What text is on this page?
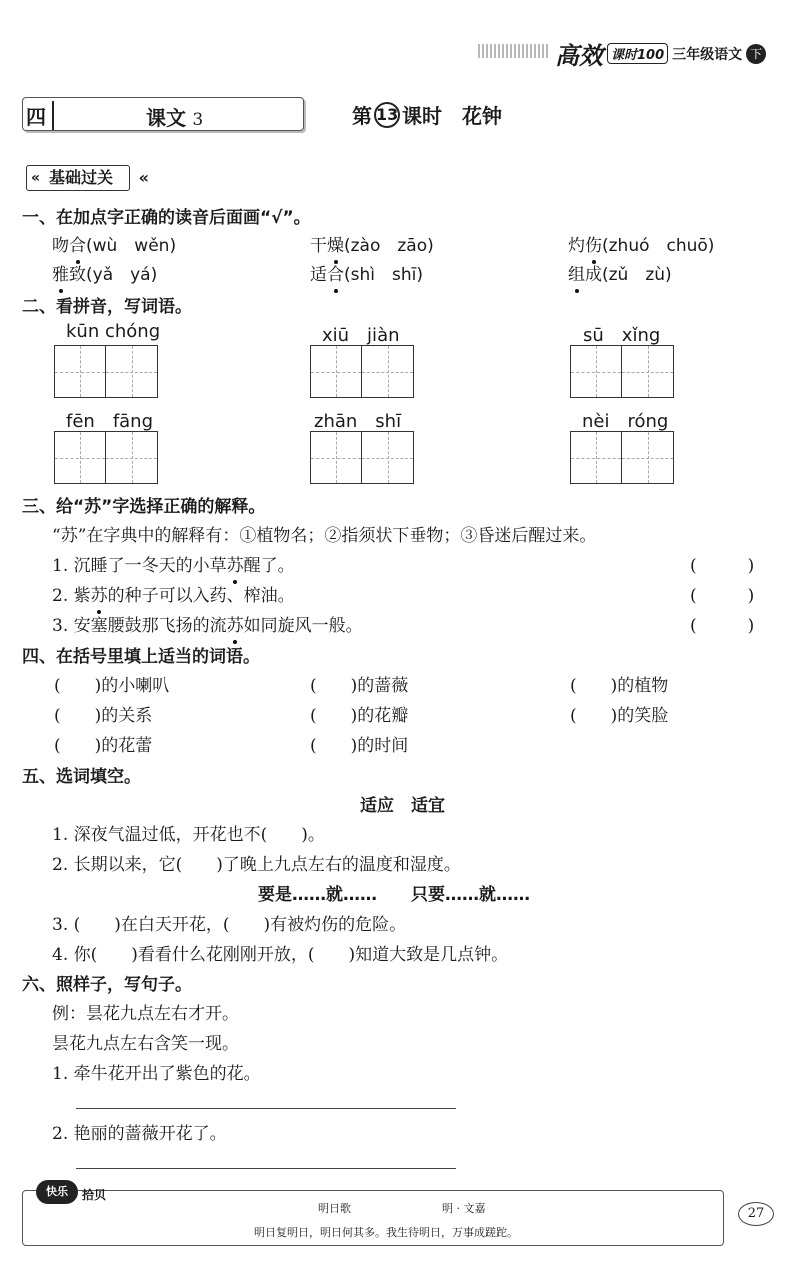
高效 课时100 三年级语文 下
四	课文 3	第 13 课时 花钟
« 基础过关 «
一、在加点字正确的读音后面画“√”。
吻合(wù　wěn)	干燥(zào　zāo)	灼伤(zhuó　chuō)
雅致(yǎ　yá)	适合(shì　shī)	组成(zǔ　zù)
二、看拼音，写词语。
kūn chóng	xiū　jiàn	sū　xǐng
fēn　fāng	zhān　shī	nèi　róng
三、给“苏”字选择正确的解释。
“苏”在字典中的解释有：①植物名；②指须状下垂物；③昏迷后醒过来。
1. 沉睡了一冬天的小草苏醒了。	(　　　)
2. 紫苏的种子可以入药、榨油。	(　　　)
3. 安塞腰鼓那飞扬的流苏如同旋风一般。	(　　　)
四、在括号里填上适当的词语。
(　　)的小喇叭	(　　)的蔷薇	(　　)的植物
(　　)的关系	(　　)的花瓣	(　　)的笑脸
(　　)的花蕾	(　　)的时间
五、选词填空。
适应　适宜
1. 深夜气温过低，开花也不(　　)。
2. 长期以来，它(　　)了晚上九点左右的温度和湿度。
要是……就……　　只要……就……
3. (　　)在白天开花，(　　)有被灼伤的危险。
4. 你(　　)看看什么花刚刚开放，(　　)知道大致是几点钟。
六、照样子，写句子。
例：昙花九点左右才开。
昙花九点左右含笑一现。
1. 牵牛花开出了紫色的花。
2. 艳丽的蔷薇开花了。
快乐	拾贝
明日歌	明 · 文嘉
明日复明日，明日何其多。我生待明日，万事成蹉跎。
27
